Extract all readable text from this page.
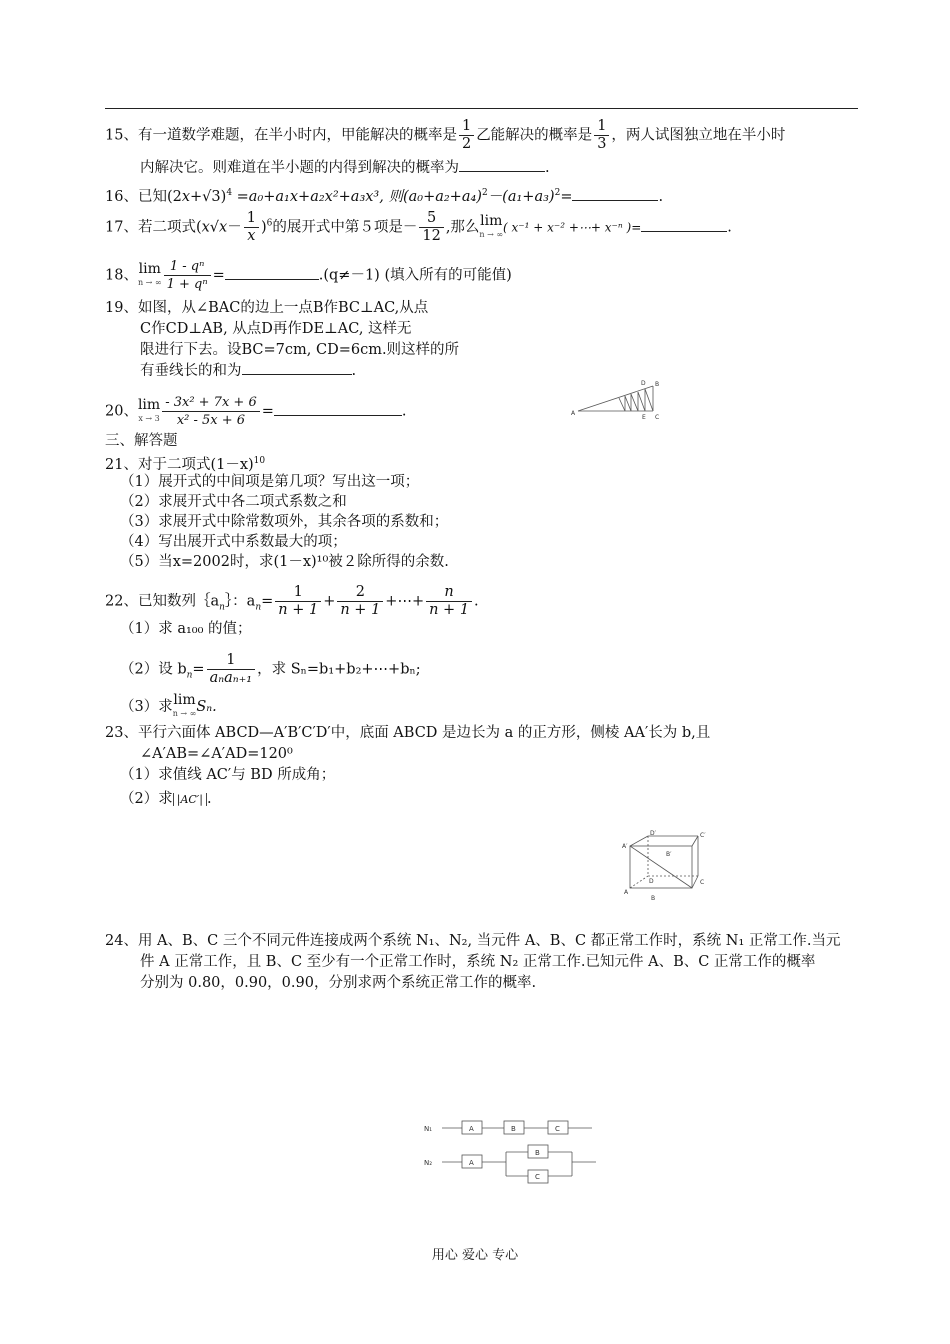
15、有一道数学难题，在半小时内，甲能解决的概率是 $\frac{1}{2}$ 乙能解决的概率是 $\frac{1}{3}$ ，两人试图独立地在半小时
内解决它。则难道在半小题的内得到解决的概率为	.
16、已知$(2x+√3)^4 =a_0+a_1x+a_2x^2+a_3x^3$, 则$(a_0+a_2+a_4)^2-(a_1+a_3)^2=$	.
17、若二项式$(x√x- \frac{1}{x} )^6$的展开式中第５项是－ $\frac{5}{12}$ ,那么 lim
n → ∞ ( x⁻¹ + x⁻² +⋯+ x⁻ⁿ )=	.
18、 lim
n → ∞ $\frac{\text{1 - qⁿ}}{\text{1 + qⁿ}}$ =	.(q≠－1) (填入所有的可能值)
19、如图，从∠BAC的边上一点B作BC⊥AC,从点
C作CD⊥AB, 从点D再作DE⊥AC, 这样无
限进行下去。设BC=7cm, CD=6cm.则这样的所
有垂线长的和为	.
20、 lim
$x \to 3 \frac{\text{- 3x² + 7x + 6}}{\text{x² - 5x + 6}}$ =	.	A
B
C
D
E
三、解答题
21、对于二项式$(1-x)^{10}$
（1）展开式的中间项是第几项？写出这一项；
（2）求展开式中各二项式系数之和
（3）求展开式中除常数项外，其余各项的系数和；
（4）写出展开式中系数最大的项；
（5）当x=2002时，求(1－x)¹⁰被２除所得的余数.
22、已知数列$\{a_n\}$：$a_n= \frac{1}{n + 1} + \frac{2}{n + 1}$ +⋯+ $\frac{n}{n + 1}$ .
（1）求 a₁₀₀ 的值；
（2）设 $b_n= \frac{1}{\text{aₙaₙ₊₁}}$ ，求 Sₙ=b₁+b₂+⋯+bₙ;
（3）求 lim
n → ∞ Sₙ.
23、平行六面体 ABCD—A′B′C′D′中，底面 ABCD 是边长为 a 的正方形，侧棱 AA′长为 b,且
∠A′AB=∠A′AD=120⁰
（1）求值线 AC′与 BD 所成角；
（2）求 |AC′| .
D′	C′
A′
B′
D	C
A
B
24、用 A、B、C 三个不同元件连接成两个系统 N₁、N₂, 当元件 A、B、C 都正常工作时，系统 N₁ 正常工作.当元
件 A 正常工作，且 B、C 至少有一个正常工作时，系统 N₂ 正常工作.已知元件 A、B、C 正常工作的概率
分别为 0.80，0.90，0.90，分别求两个系统正常工作的概率.
N₁
N₂
A	B	C
A
B
C
用心 爱心 专心
